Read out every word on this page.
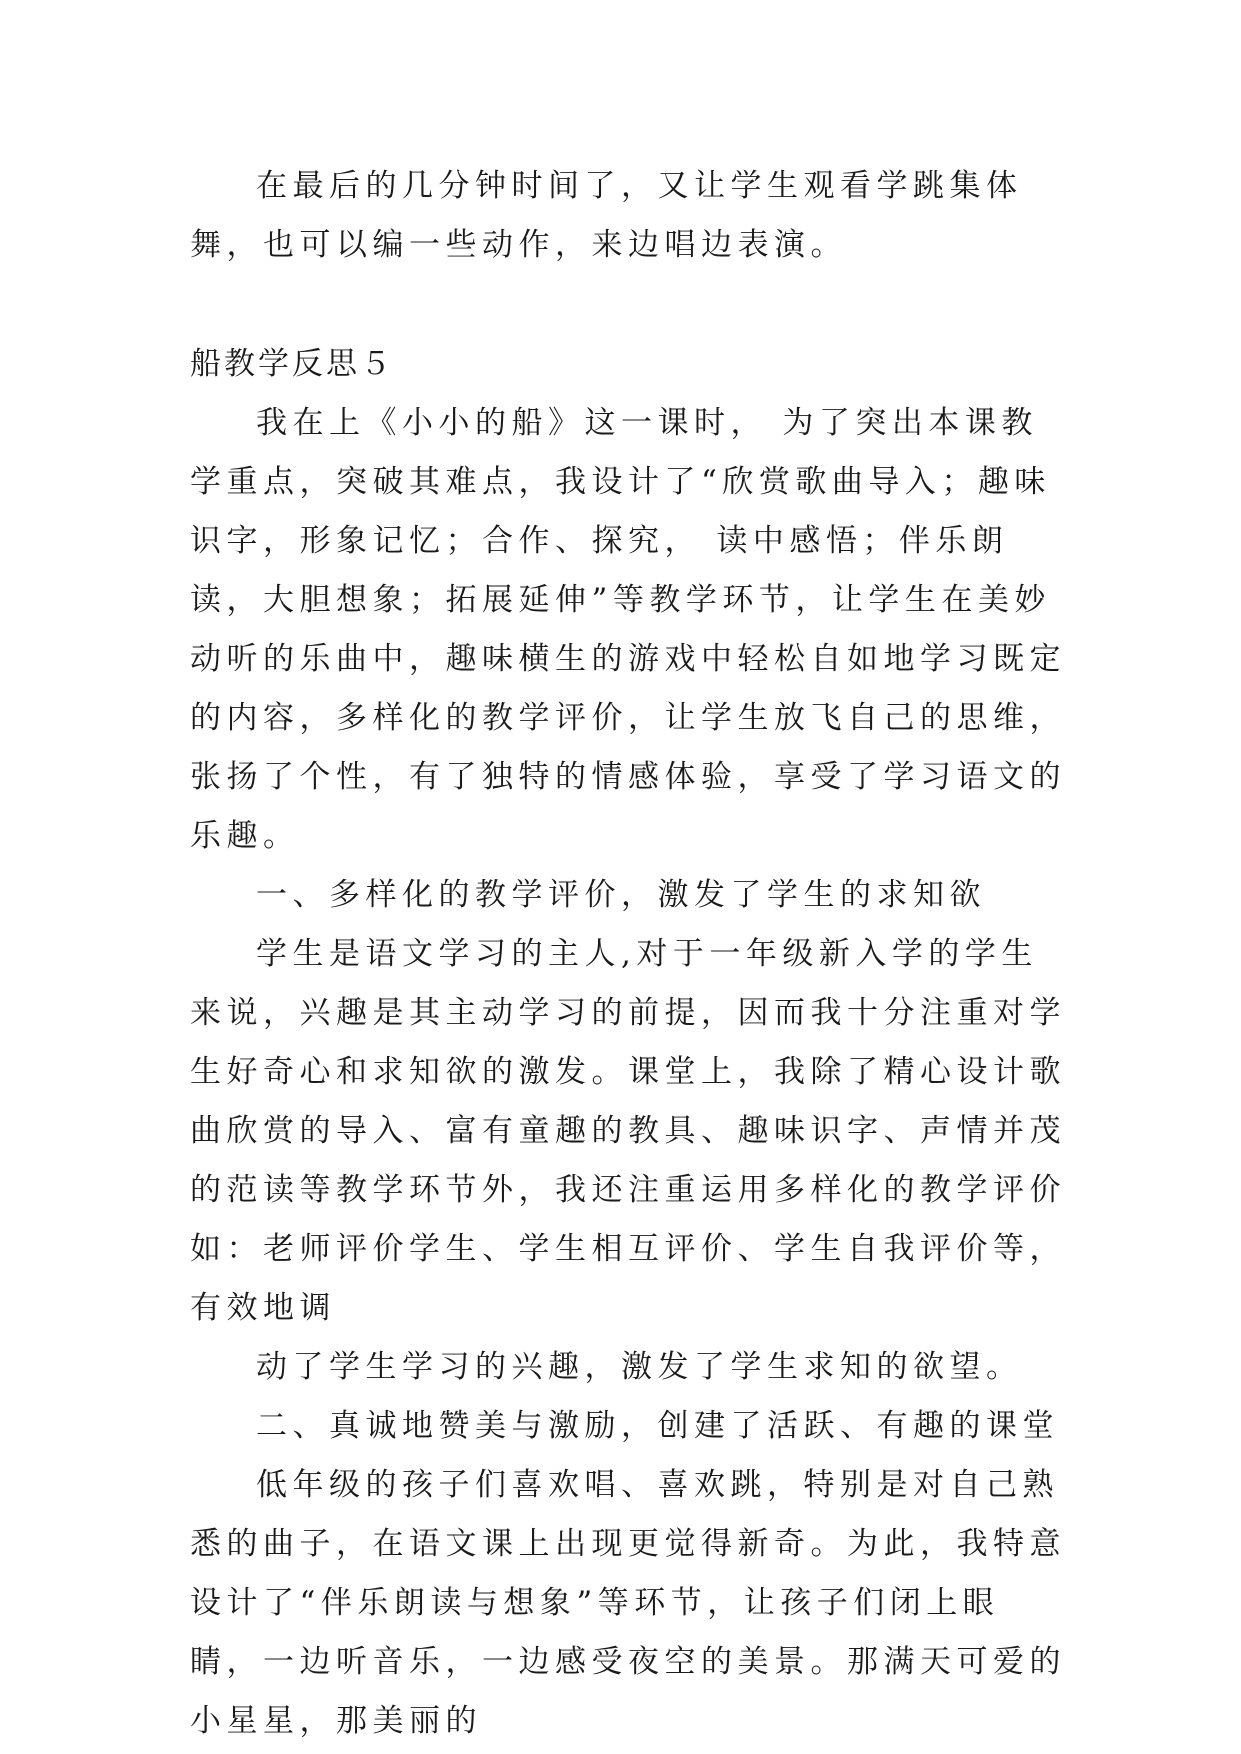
在最后的几分钟时间了，又让学生观看学跳集体舞，也可以编一些动作，来边唱边表演。

船教学反思５

我在上《小小的船》这一课时， 为了突出本课教学重点，突破其难点，我设计了“欣赏歌曲导入；趣味识字，形象记忆；合作、探究， 读中感悟；伴乐朗读，大胆想象；拓展延伸”等教学环节，让学生在美妙动听的乐曲中，趣味横生的游戏中轻松自如地学习既定的内容，多样化的教学评价，让学生放飞自己的思维，张扬了个性，有了独特的情感体验，享受了学习语文的乐趣。

一、多样化的教学评价，激发了学生的求知欲

学生是语文学习的主人,对于一年级新入学的学生来说，兴趣是其主动学习的前提，因而我十分注重对学生好奇心和求知欲的激发。课堂上，我除了精心设计歌曲欣赏的导入、富有童趣的教具、趣味识字、声情并茂的范读等教学环节外，我还注重运用多样化的教学评价如：老师评价学生、学生相互评价、学生自我评价等，有效地调

动了学生学习的兴趣，激发了学生求知的欲望。

二、真诚地赞美与激励，创建了活跃、有趣的课堂

低年级的孩子们喜欢唱、喜欢跳，特别是对自己熟悉的曲子，在语文课上出现更觉得新奇。为此，我特意设计了“伴乐朗读与想象”等环节，让孩子们闭上眼睛，一边听音乐，一边感受夜空的美景。那满天可爱的小星星，那美丽的
